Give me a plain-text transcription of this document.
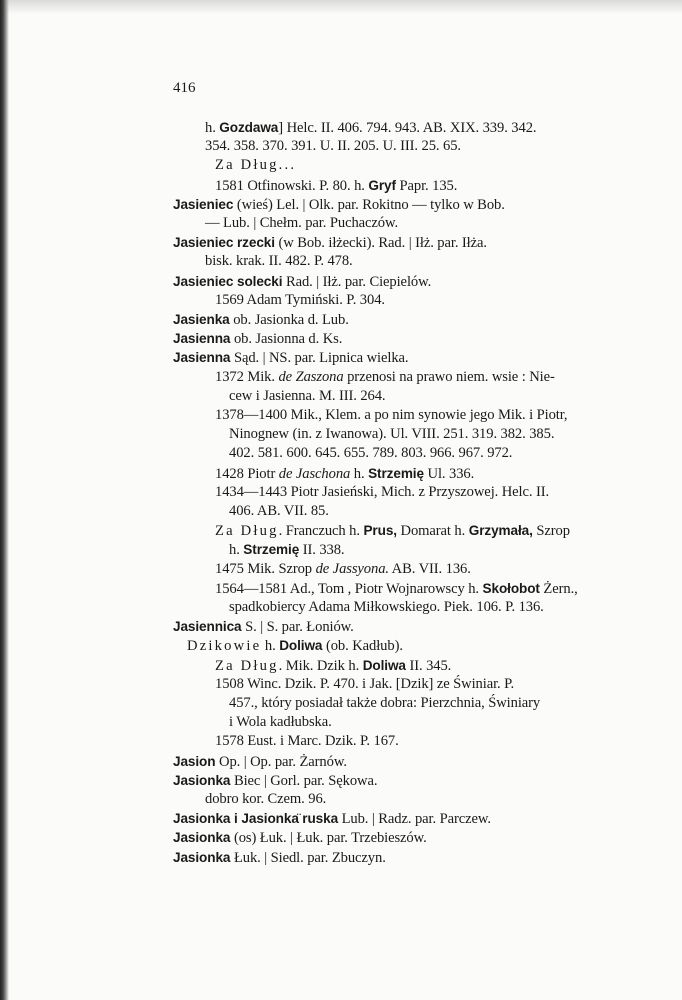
416
h. Gozdawa] Helc. II. 406. 794. 943. AB. XIX. 339. 342.
354. 358. 370. 391. U. II. 205. U. III. 25. 65.
Za Dług...
1581 Otfinowski. P. 80. h. Gryf Papr. 135.
Jasieniec (wieś) Lel. | Olk. par. Rokitno — tylko w Bob.
— Lub. | Chełm. par. Puchaczów.
Jasieniec rzecki (w Bob. iłżecki). Rad. | Iłż. par. Iłża.
bisk. krak. II. 482. P. 478.
Jasieniec solecki Rad. | Iłż. par. Ciepielów.
1569 Adam Tymiński. P. 304.
Jasienka ob. Jasionka d. Lub.
Jasienna ob. Jasionna d. Ks.
Jasienna Sąd. | NS. par. Lipnica wielka.
1372 Mik. de Zaszona przenosi na prawo niem. wsie : Nie-
cew i Jasienna. M. III. 264.
1378—1400 Mik., Klem. a po nim synowie jego Mik. i Piotr,
Ninognew (in. z Iwanowa). Ul. VIII. 251. 319. 382. 385.
402. 581. 600. 645. 655. 789. 803. 966. 967. 972.
1428 Piotr de Jaschona h. Strzemię Ul. 336.
1434—1443 Piotr Jasieński, Mich. z Przyszowej. Helc. II.
406. AB. VII. 85.
Za Dług. Franczuch h. Prus, Domarat h. Grzymała, Szrop
h. Strzemię II. 338.
1475 Mik. Szrop de Jassyona. AB. VII. 136.
1564—1581 Ad., Tom , Piotr Wojnarowscy h. Skołobot Żern.,
spadkobiercy Adama Miłkowskiego. Piek. 106. P. 136.
Jasiennica S. | S. par. Łoniów.
Dzikowie h. Doliwa (ob. Kadłub).
Za Dług. Mik. Dzik h. Doliwa II. 345.
1508 Winc. Dzik. P. 470. i Jak. [Dzik] ze Świniar. P.
457., który posiadał także dobra: Pierzchnia, Świniary
i Wola kadłubska.
1578 Eust. i Marc. Dzik. P. 167.
Jasion Op. | Op. par. Żarnów.
Jasionka Biec | Gorl. par. Sękowa.
dobro kor. Czem. 96.
Jasionka i Jasionkä ruska Lub. | Radz. par. Parczew.
Jasionka (os) Łuk. | Łuk. par. Trzebieszów.
Jasionka Łuk. | Siedl. par. Zbuczyn.
